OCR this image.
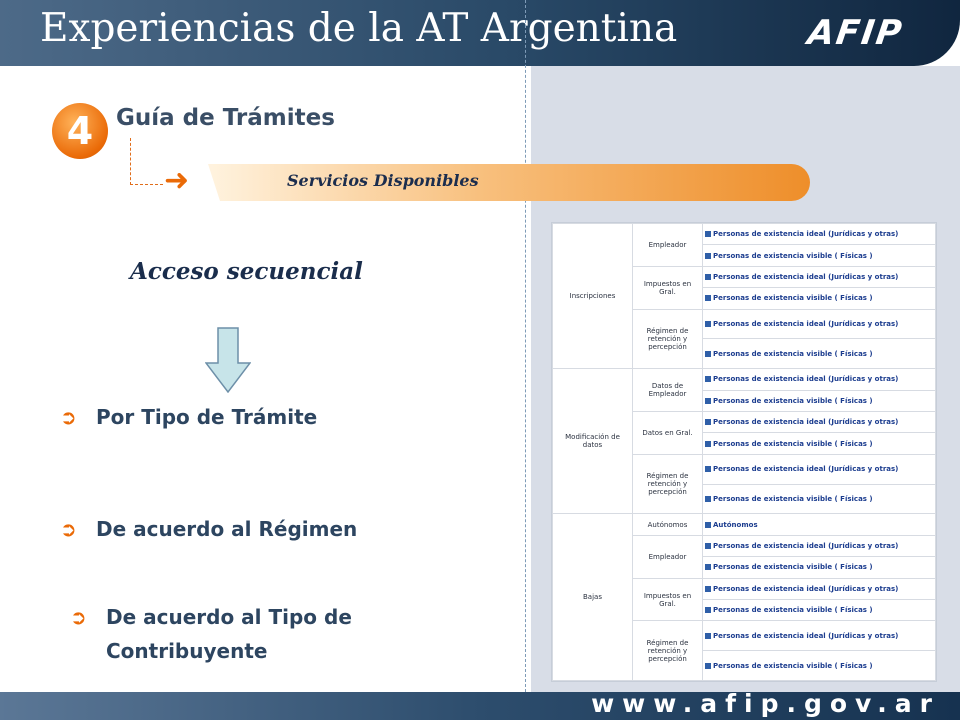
Experiencias de la AT Argentina	AFIP
4 Guía de Trámites
➜	Servicios Disponibles
Acceso secuencial
➲ Por Tipo de Trámite
➲ De acuerdo al Régimen
➲ De acuerdo al Tipo de
Contribuyente
Inscripciones	Empleador	Personas de existencia ideal (Jurídicas y otras)
		Personas de existencia visible ( Físicas )
	Impuestos en Gral.	Personas de existencia ideal (Jurídicas y otras)
		Personas de existencia visible ( Físicas )
	Régimen de retención y percepción	Personas de existencia ideal (Jurídicas y otras)
		Personas de existencia visible ( Físicas )
Modificación de datos	Datos de Empleador	Personas de existencia ideal (Jurídicas y otras)
		Personas de existencia visible ( Físicas )
	Datos en Gral.	Personas de existencia ideal (Jurídicas y otras)
		Personas de existencia visible ( Físicas )
	Régimen de retención y percepción	Personas de existencia ideal (Jurídicas y otras)
		Personas de existencia visible ( Físicas )
Bajas	Autónomos	Autónomos
	Empleador	Personas de existencia ideal (Jurídicas y otras)
		Personas de existencia visible ( Físicas )
	Impuestos en Gral.	Personas de existencia ideal (Jurídicas y otras)
		Personas de existencia visible ( Físicas )
	Régimen de retención y percepción	Personas de existencia ideal (Jurídicas y otras)
		Personas de existencia visible ( Físicas )
www.afip.gov.ar
